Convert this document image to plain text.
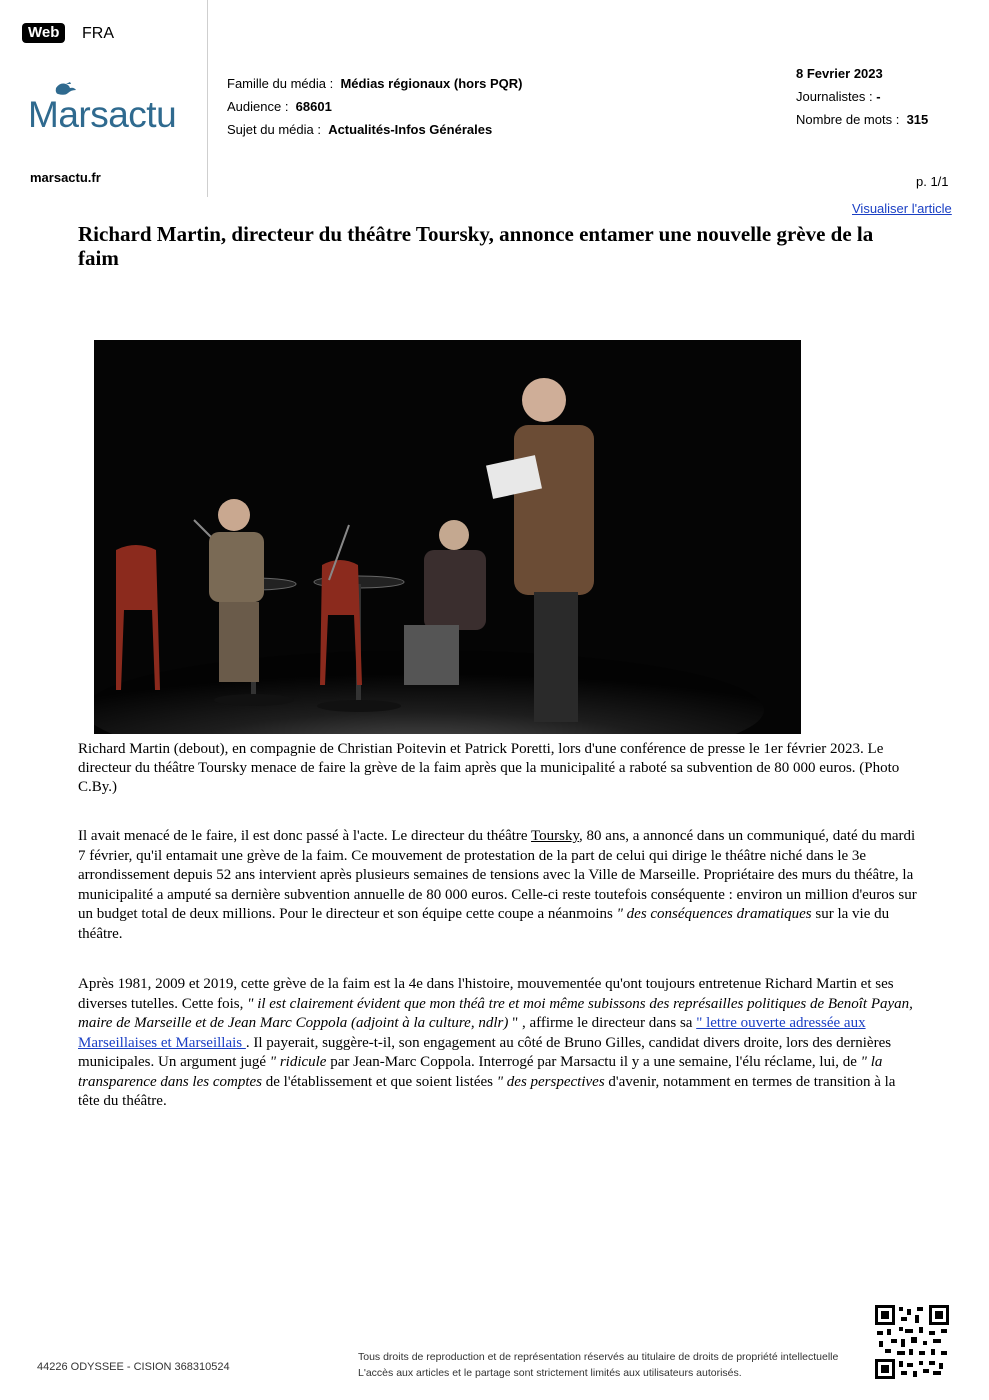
Web	FRA
Marsactu
Famille du média : Médias régionaux (hors PQR)
Audience : 68601
Sujet du média : Actualités-Infos Générales
8 Fevrier 2023
Journalistes : -
Nombre de mots : 315
marsactu.fr	p. 1/1
Visualiser l'article
Richard Martin, directeur du théâtre Toursky, annonce entamer une nouvelle grève de la faim
Richard Martin (debout), en compagnie de Christian Poitevin et Patrick Poretti, lors d'une conférence de presse le 1er février 2023. Le directeur du théâtre Toursky menace de faire la grève de la faim après que la municipalité a raboté sa subvention de 80 000 euros. (Photo C.By.)
Il avait menacé de le faire, il est donc passé à l'acte. Le directeur du théâtre Toursky, 80 ans, a annoncé dans un communiqué, daté du mardi 7 février, qu'il entamait une grève de la faim. Ce mouvement de protestation de la part de celui qui dirige le théâtre niché dans le 3e arrondissement depuis 52 ans intervient après plusieurs semaines de tensions avec la Ville de Marseille. Propriétaire des murs du théâtre, la municipalité a amputé sa dernière subvention annuelle de 80 000 euros. Celle-ci reste toutefois conséquente : environ un million d'euros sur un budget total de deux millions. Pour le directeur et son équipe cette coupe a néanmoins " des conséquences dramatiques sur la vie du théâtre.
Après 1981, 2009 et 2019, cette grève de la faim est la 4e dans l'histoire, mouvementée qu'ont toujours entretenue Richard Martin et ses diverses tutelles. Cette fois, " il est clairement évident que mon théâ tre et moi même subissons des représailles politiques de Benoît Payan, maire de Marseille et de Jean Marc Coppola (adjoint à la culture, ndlr) " , affirme le directeur dans sa " lettre ouverte adressée aux Marseillaises et Marseillais . Il payerait, suggère-t-il, son engagement au côté de Bruno Gilles, candidat divers droite, lors des dernières municipales. Un argument jugé " ridicule par Jean-Marc Coppola. Interrogé par Marsactu il y a une semaine, l'élu réclame, lui, de " la transparence dans les comptes de l'établissement et que soient listées " des perspectives d'avenir, notamment en termes de transition à la tête du théâtre.
44226 ODYSSEE - CISION 368310524
Tous droits de reproduction et de représentation réservés au titulaire de droits de propriété intellectuelle
L'accès aux articles et le partage sont strictement limités aux utilisateurs autorisés.
